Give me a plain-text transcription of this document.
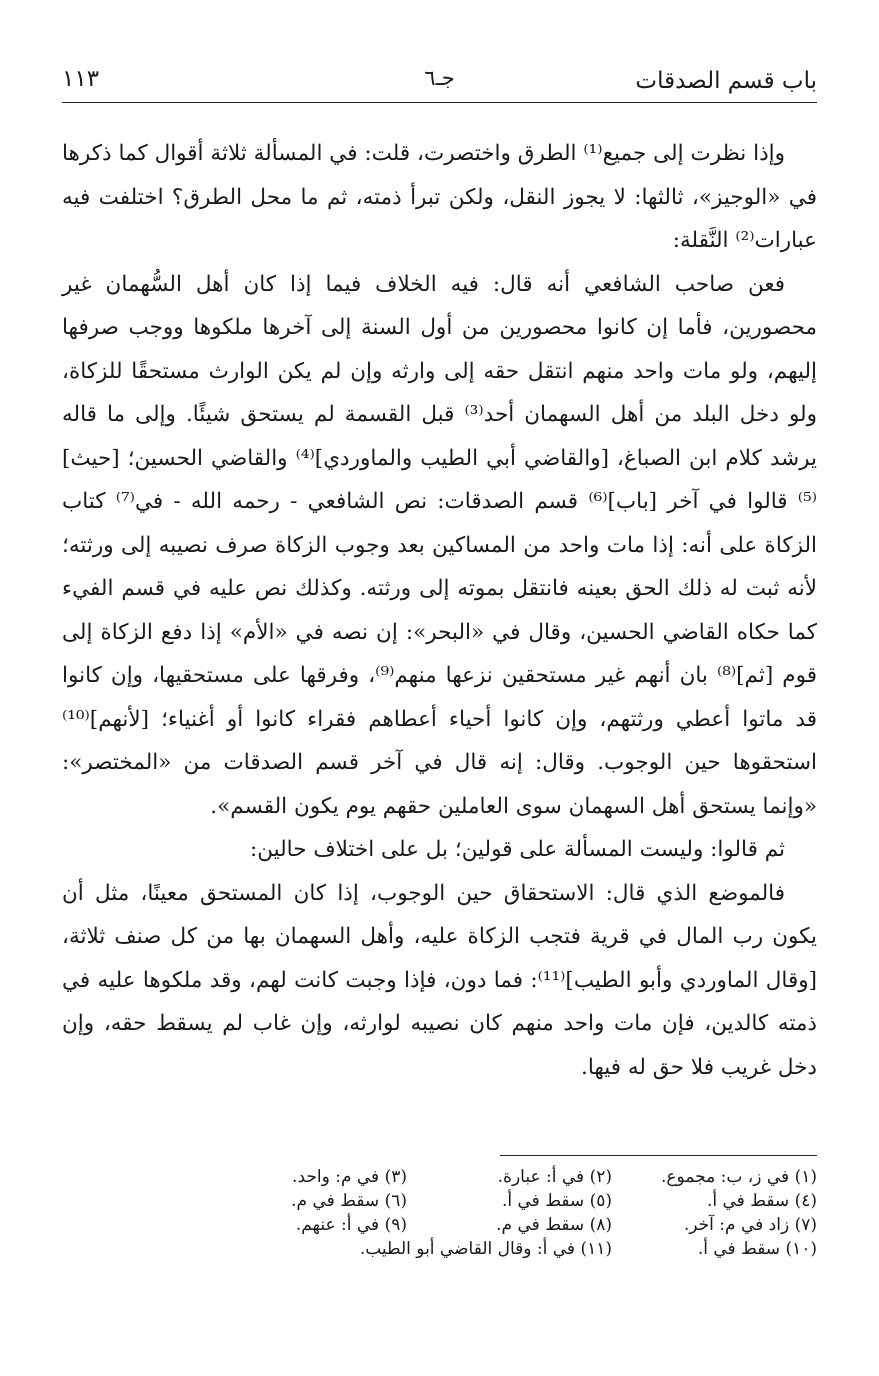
باب قسم الصدقات
جـ٦
١١٣

وإذا نظرت إلى جميع⁽¹⁾ الطرق واختصرت، قلت: في المسألة ثلاثة أقوال كما ذكرها في «الوجيز»، ثالثها: لا يجوز النقل، ولكن تبرأ ذمته، ثم ما محل الطرق؟ اختلفت فيه عبارات⁽²⁾ النَّقلة:

فعن صاحب الشافعي أنه قال: فيه الخلاف فيما إذا كان أهل السُّهمان غير محصورين، فأما إن كانوا محصورين من أول السنة إلى آخرها ملكوها ووجب صرفها إليهم، ولو مات واحد منهم انتقل حقه إلى وارثه وإن لم يكن الوارث مستحقًا للزكاة، ولو دخل البلد من أهل السهمان أحد⁽³⁾ قبل القسمة لم يستحق شيئًا. وإلى ما قاله يرشد كلام ابن الصباغ، [والقاضي أبي الطيب والماوردي]⁽⁴⁾ والقاضي الحسين؛ [حيث]⁽⁵⁾ قالوا في آخر [باب]⁽⁶⁾ قسم الصدقات: نص الشافعي - رحمه الله - في⁽⁷⁾ كتاب الزكاة على أنه: إذا مات واحد من المساكين بعد وجوب الزكاة صرف نصيبه إلى ورثته؛ لأنه ثبت له ذلك الحق بعينه فانتقل بموته إلى ورثته. وكذلك نص عليه في قسم الفيء كما حكاه القاضي الحسين، وقال في «البحر»: إن نصه في «الأم» إذا دفع الزكاة إلى قوم [ثم]⁽⁸⁾ بان أنهم غير مستحقين نزعها منهم⁽⁹⁾، وفرقها على مستحقيها، وإن كانوا قد ماتوا أعطي ورثتهم، وإن كانوا أحياء أعطاهم فقراء كانوا أو أغنياء؛ [لأنهم]⁽¹⁰⁾ استحقوها حين الوجوب. وقال: إنه قال في آخر قسم الصدقات من «المختصر»: «وإنما يستحق أهل السهمان سوى العاملين حقهم يوم يكون القسم».

ثم قالوا: وليست المسألة على قولين؛ بل على اختلاف حالين:

فالموضع الذي قال: الاستحقاق حين الوجوب، إذا كان المستحق معينًا، مثل أن يكون رب المال في قرية فتجب الزكاة عليه، وأهل السهمان بها من كل صنف ثلاثة، [وقال الماوردي وأبو الطيب]⁽¹¹⁾: فما دون، فإذا وجبت كانت لهم، وقد ملكوها عليه في ذمته كالدين، فإن مات واحد منهم كان نصيبه لوارثه، وإن غاب لم يسقط حقه، وإن دخل غريب فلا حق له فيها.

(١) في ز، ب: مجموع.
(٢) في أ: عبارة.
(٣) في م: واحد.
(٤) سقط في أ.
(٥) سقط في أ.
(٦) سقط في م.
(٧) زاد في م: آخر.
(٨) سقط في م.
(٩) في أ: عنهم.
(١٠) سقط في أ.
(١١) في أ: وقال القاضي أبو الطيب.
